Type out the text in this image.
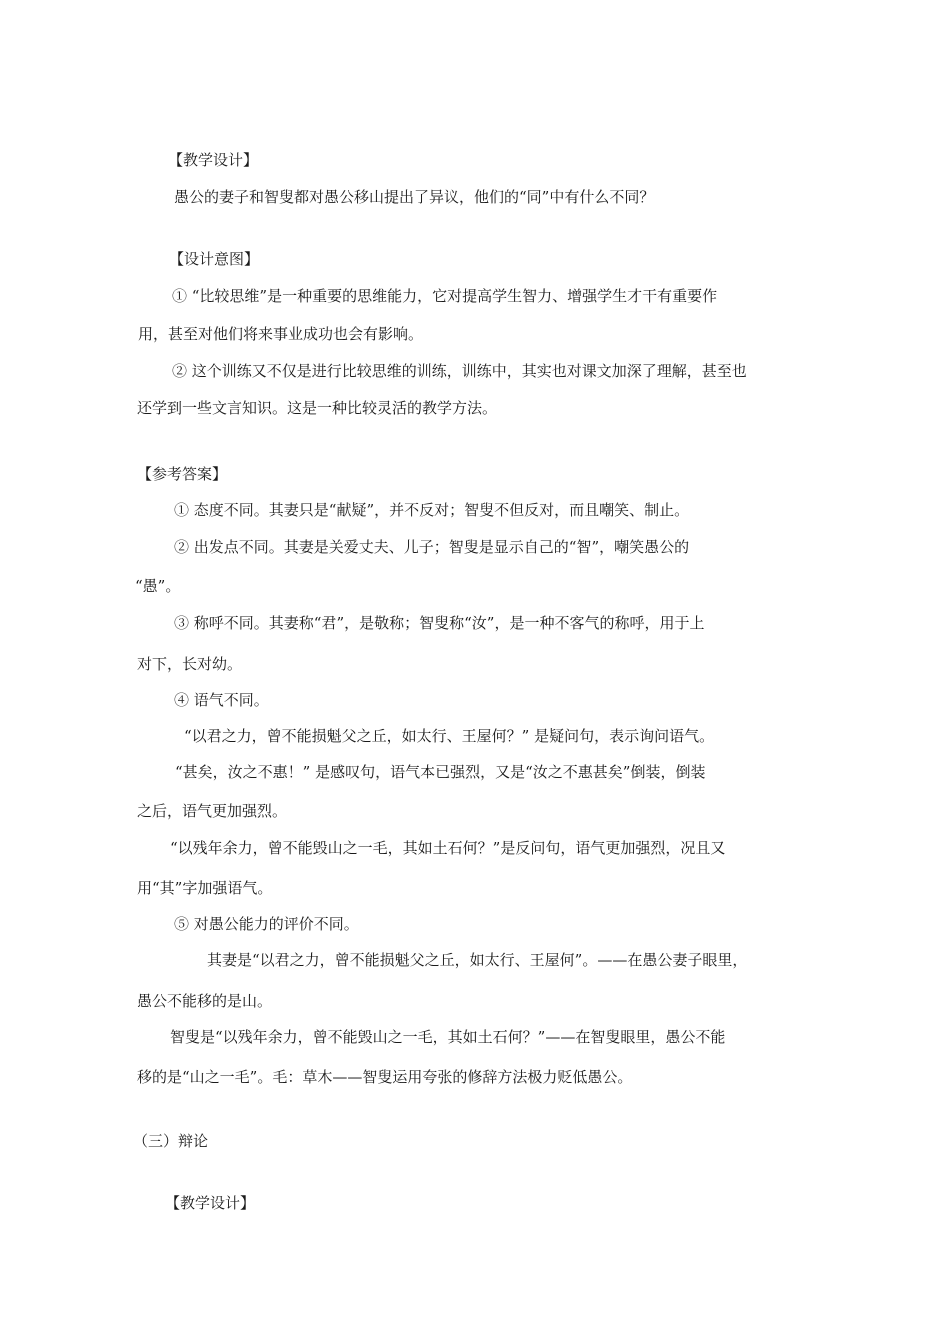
【教学设计】
愚公的妻子和智叟都对愚公移山提出了异议，他们的“同”中有什么不同？
【设计意图】
① “比较思维”是一种重要的思维能力，它对提高学生智力、增强学生才干有重要作
用，甚至对他们将来事业成功也会有影响。
② 这个训练又不仅是进行比较思维的训练，训练中，其实也对课文加深了理解，甚至也
还学到一些文言知识。这是一种比较灵活的教学方法。
【参考答案】
① 态度不同。其妻只是“献疑”，并不反对；智叟不但反对，而且嘲笑、制止。
② 出发点不同。其妻是关爱丈夫、儿子；智叟是显示自己的“智”，嘲笑愚公的
“愚”。
③ 称呼不同。其妻称“君”，是敬称；智叟称“汝”，是一种不客气的称呼，用于上
对下，长对幼。
④ 语气不同。
“以君之力，曾不能损魁父之丘，如太行、王屋何？” 是疑问句，表示询问语气。
“甚矣，汝之不惠！” 是感叹句，语气本已强烈，又是“汝之不惠甚矣”倒装，倒装
之后，语气更加强烈。
“以残年余力，曾不能毁山之一毛，其如土石何？”是反问句，语气更加强烈，况且又
用“其”字加强语气。
⑤ 对愚公能力的评价不同。
其妻是“以君之力，曾不能损魁父之丘，如太行、王屋何”。——在愚公妻子眼里，
愚公不能移的是山。
智叟是“以残年余力，曾不能毁山之一毛，其如土石何？”——在智叟眼里，愚公不能
移的是“山之一毛”。毛：草木——智叟运用夸张的修辞方法极力贬低愚公。
（三）辩论
【教学设计】
